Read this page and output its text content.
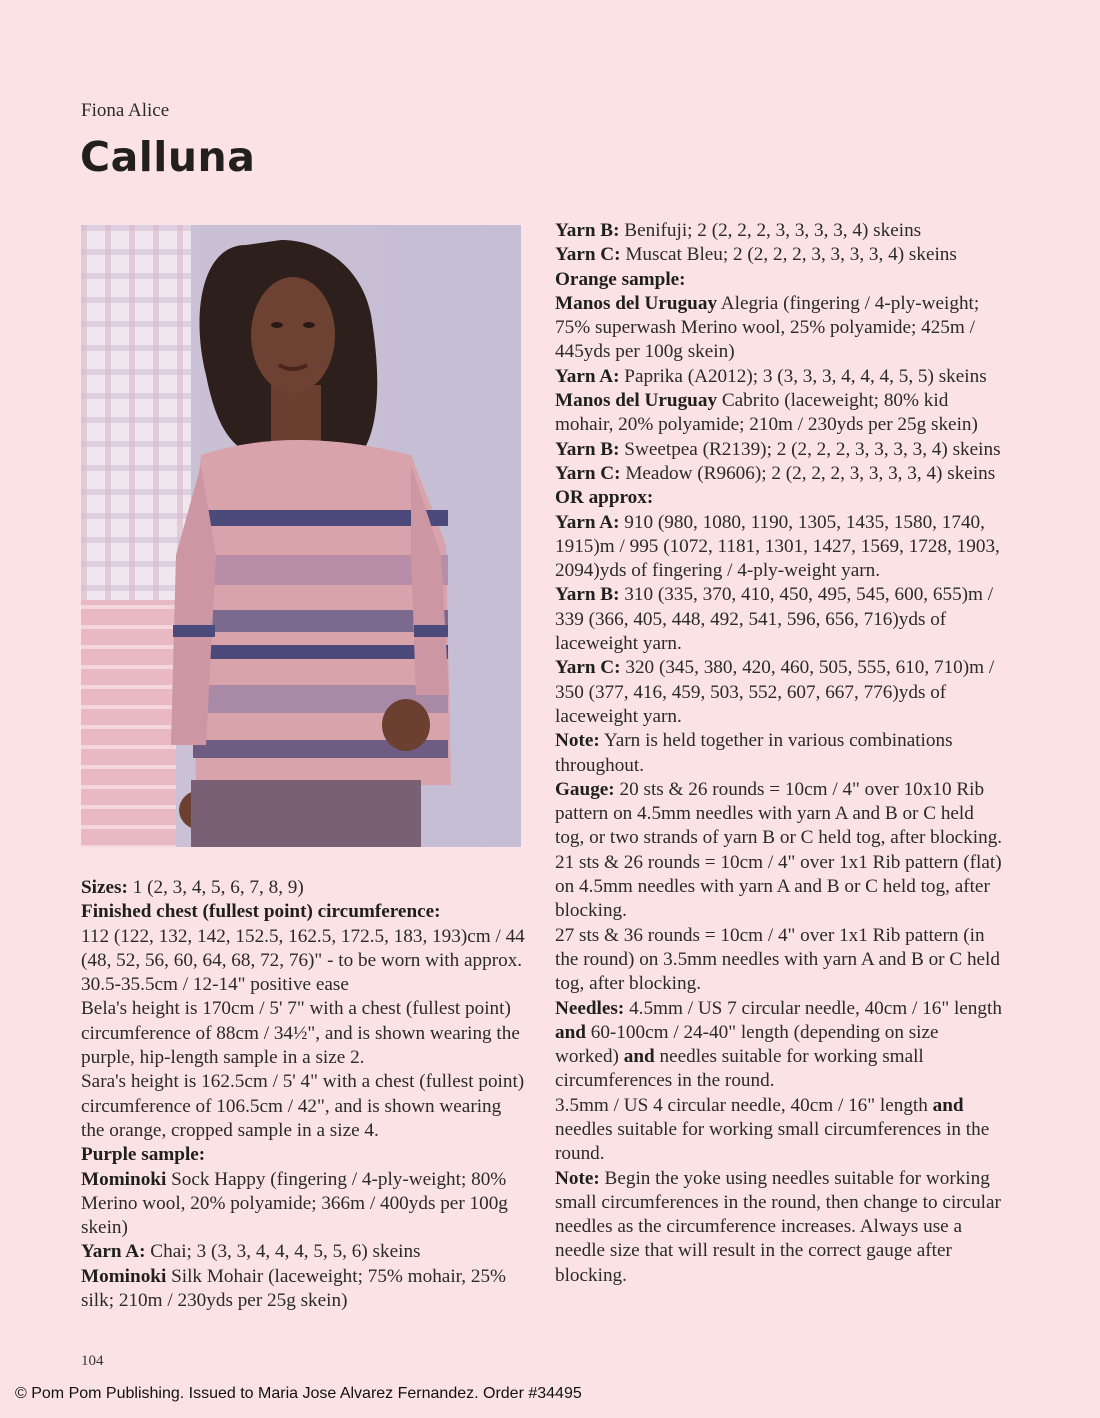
Fiona Alice
Calluna

Sizes: 1 (2, 3, 4, 5, 6, 7, 8, 9)

Finished chest (fullest point) circumference:

112 (122, 132, 142, 152.5, 162.5, 172.5, 183, 193)cm / 44 (48, 52, 56, 60, 64, 68, 72, 76)" - to be worn with approx. 30.5-35.5cm / 12-14" positive ease

Bela's height is 170cm / 5' 7" with a chest (fullest point) circumference of 88cm / 34½", and is shown wearing the purple, hip-length sample in a size 2.

Sara's height is 162.5cm / 5' 4" with a chest (fullest point) circumference of 106.5cm / 42", and is shown wearing the orange, cropped sample in a size 4.

Purple sample:

Mominoki Sock Happy (fingering / 4-ply-weight; 80% Merino wool, 20% polyamide; 366m / 400yds per 100g skein)

Yarn A: Chai; 3 (3, 3, 4, 4, 4, 5, 5, 6) skeins

Mominoki Silk Mohair (laceweight; 75% mohair, 25% silk; 210m / 230yds per 25g skein)

Yarn B: Benifuji; 2 (2, 2, 2, 3, 3, 3, 3, 4) skeins

Yarn C: Muscat Bleu; 2 (2, 2, 2, 3, 3, 3, 3, 4) skeins

Orange sample:

Manos del Uruguay Alegria (fingering / 4-ply-weight; 75% superwash Merino wool, 25% polyamide; 425m / 445yds per 100g skein)

Yarn A: Paprika (A2012); 3 (3, 3, 3, 4, 4, 4, 5, 5) skeins

Manos del Uruguay Cabrito (laceweight; 80% kid mohair, 20% polyamide; 210m / 230yds per 25g skein)

Yarn B: Sweetpea (R2139); 2 (2, 2, 2, 3, 3, 3, 3, 4) skeins

Yarn C: Meadow (R9606); 2 (2, 2, 2, 3, 3, 3, 3, 4) skeins

OR approx:

Yarn A: 910 (980, 1080, 1190, 1305, 1435, 1580, 1740, 1915)m / 995 (1072, 1181, 1301, 1427, 1569, 1728, 1903, 2094)yds of fingering / 4-ply-weight yarn.

Yarn B: 310 (335, 370, 410, 450, 495, 545, 600, 655)m / 339 (366, 405, 448, 492, 541, 596, 656, 716)yds of laceweight yarn.

Yarn C: 320 (345, 380, 420, 460, 505, 555, 610, 710)m / 350 (377, 416, 459, 503, 552, 607, 667, 776)yds of laceweight yarn.

Note: Yarn is held together in various combinations throughout.

Gauge: 20 sts & 26 rounds = 10cm / 4" over 10x10 Rib pattern on 4.5mm needles with yarn A and B or C held tog, or two strands of yarn B or C held tog, after blocking.

21 sts & 26 rounds = 10cm / 4" over 1x1 Rib pattern (flat) on 4.5mm needles with yarn A and B or C held tog, after blocking.

27 sts & 36 rounds = 10cm / 4" over 1x1 Rib pattern (in the round) on 3.5mm needles with yarn A and B or C held tog, after blocking.

Needles: 4.5mm / US 7 circular needle, 40cm / 16" length and 60-100cm / 24-40" length (depending on size worked) and needles suitable for working small circumferences in the round.

3.5mm / US 4 circular needle, 40cm / 16" length and needles suitable for working small circumferences in the round.

Note: Begin the yoke using needles suitable for working small circumferences in the round, then change to circular needles as the circumference increases. Always use a needle size that will result in the correct gauge after blocking.

104
© Pom Pom Publishing. Issued to Maria Jose Alvarez Fernandez. Order #34495
